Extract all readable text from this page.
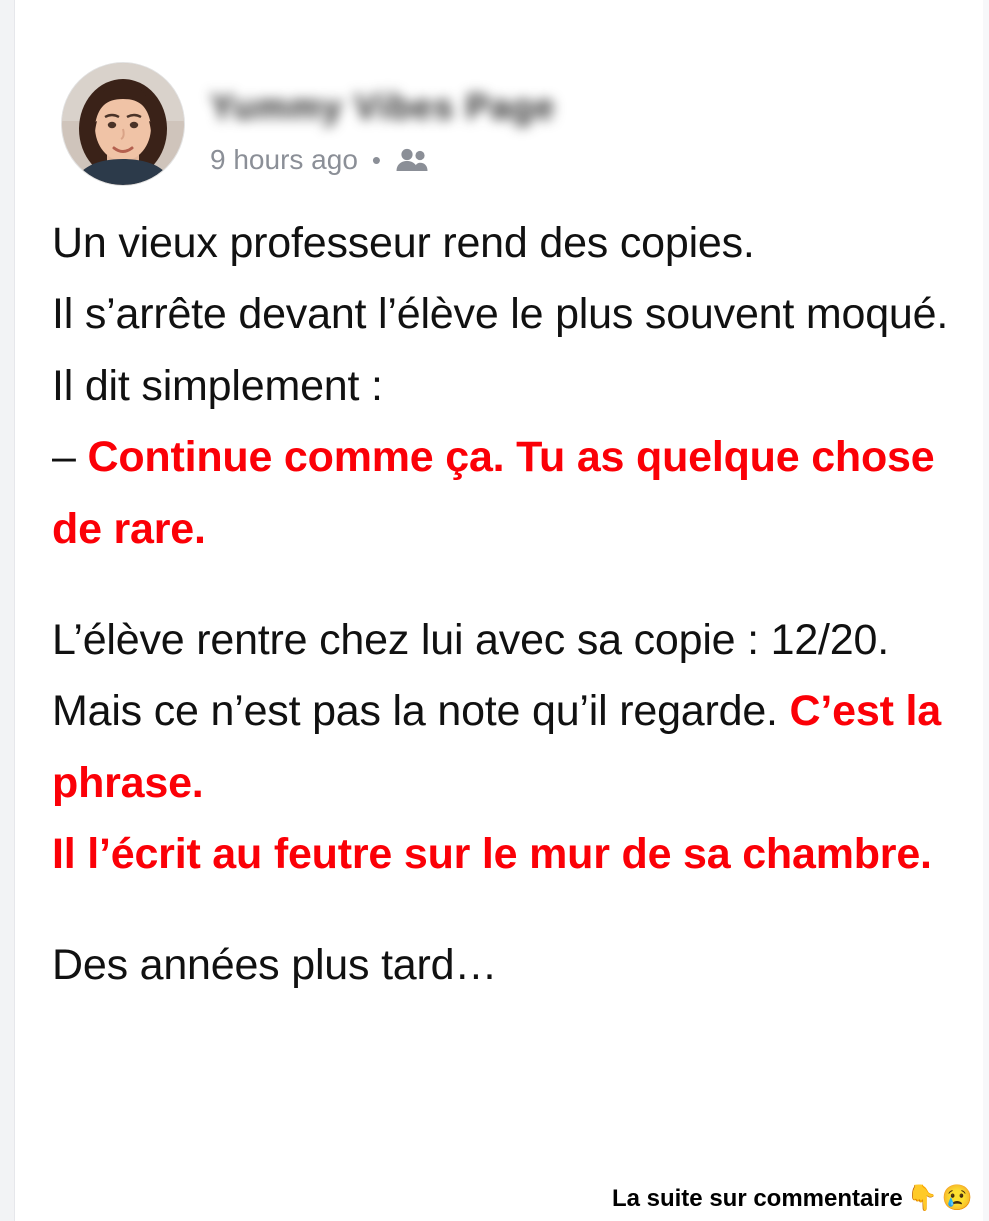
Yummy Vibes Page
9 hours ago •

Un vieux professeur rend des copies.

Il s’arrête devant l’élève le plus souvent moqué.

Il dit simplement :

– Continue comme ça. Tu as quelque chose de rare.

L’élève rentre chez lui avec sa copie : 12/20. Mais ce n’est pas la note qu’il regarde. C’est la phrase.

Il l’écrit au feutre sur le mur de sa chambre.

Des années plus tard…

La suite sur commentaire 👇 😢
